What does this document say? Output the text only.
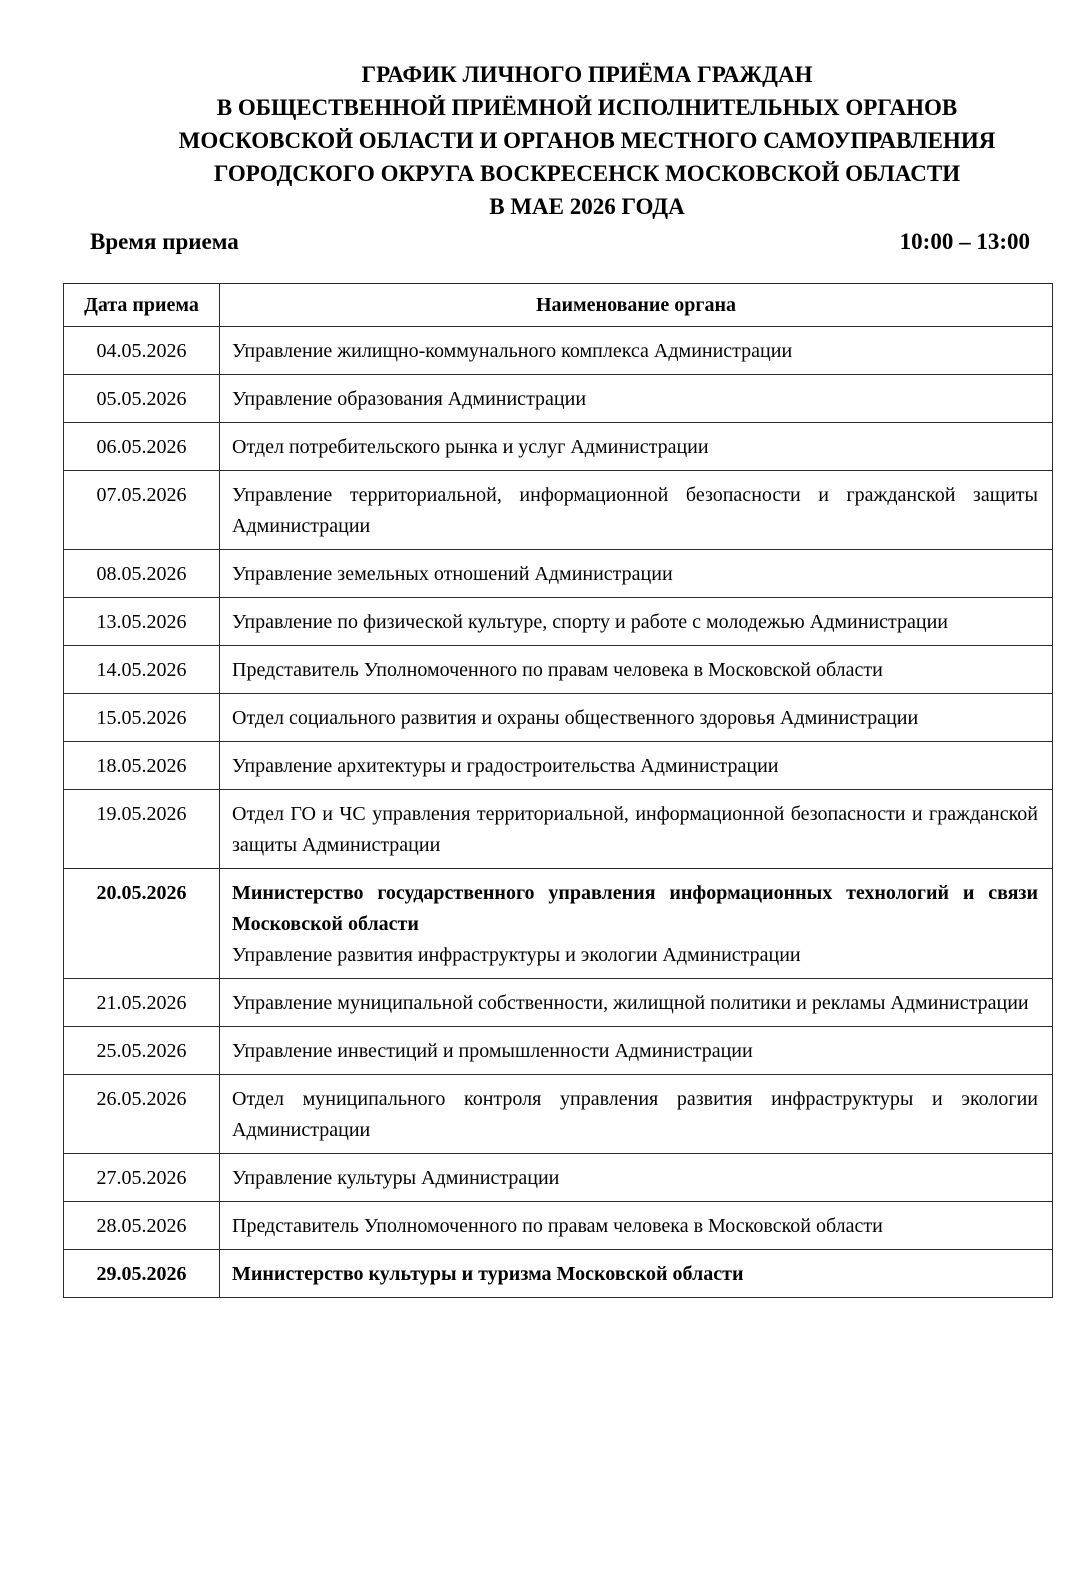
ГРАФИК ЛИЧНОГО ПРИЁМА ГРАЖДАН
В ОБЩЕСТВЕННОЙ ПРИЁМНОЙ ИСПОЛНИТЕЛЬНЫХ ОРГАНОВ
МОСКОВСКОЙ ОБЛАСТИ И ОРГАНОВ МЕСТНОГО САМОУПРАВЛЕНИЯ
ГОРОДСКОГО ОКРУГА ВОСКРЕСЕНСК МОСКОВСКОЙ ОБЛАСТИ
В МАЕ 2026 ГОДА
Время приема	10:00 – 13:00
Дата приема	Наименование органа
04.05.2026	Управление жилищно-коммунального комплекса Администрации

05.05.2026	Управление образования Администрации

06.05.2026	Отдел потребительского рынка и услуг Администрации

07.05.2026	Управление территориальной, информационной безопасности и гражданской защиты Администрации

08.05.2026	Управление земельных отношений Администрации

13.05.2026	Управление по физической культуре, спорту и работе с молодежью Администрации

14.05.2026	Представитель Уполномоченного по правам человека в Московской области

15.05.2026	Отдел социального развития и охраны общественного здоровья Администрации

18.05.2026	Управление архитектуры и градостроительства Администрации

19.05.2026	Отдел ГО и ЧС управления территориальной, информационной безопасности и гражданской защиты Администрации

20.05.2026	Министерство государственного управления информационных технологий и связи Московской области
Управление развития инфраструктуры и экологии Администрации

21.05.2026	Управление муниципальной собственности, жилищной политики и рекламы Администрации

25.05.2026	Управление инвестиций и промышленности Администрации

26.05.2026	Отдел муниципального контроля управления развития инфраструктуры и экологии Администрации

27.05.2026	Управление культуры Администрации

28.05.2026	Представитель Уполномоченного по правам человека в Московской области

29.05.2026	Министерство культуры и туризма Московской области
